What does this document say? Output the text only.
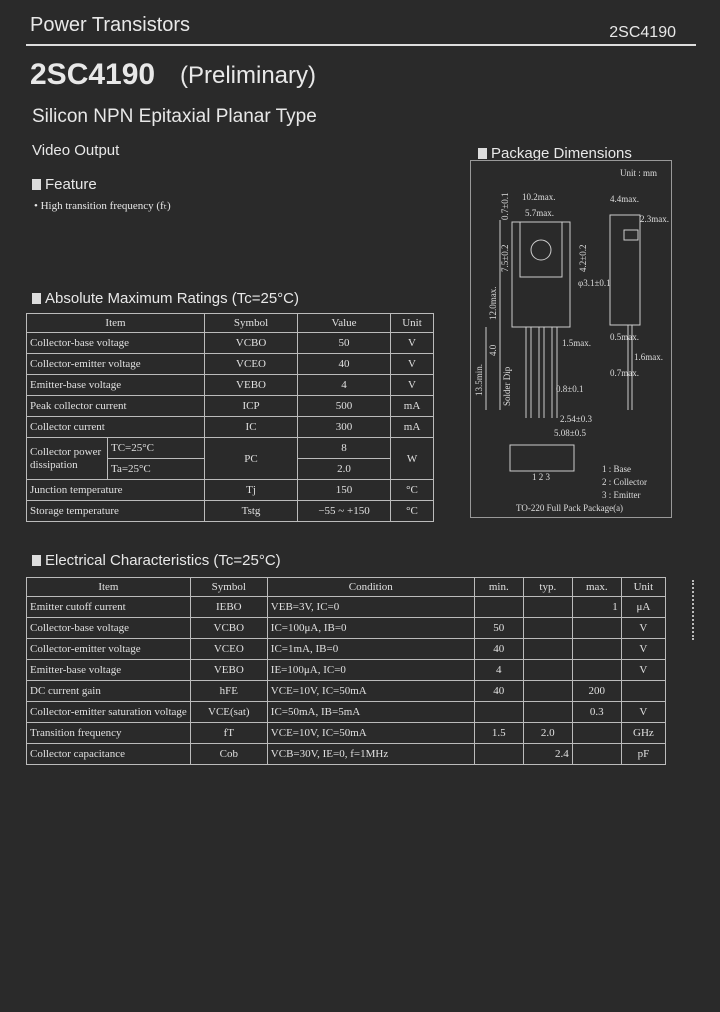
Power Transistors	2SC4190
2SC4190 (Preliminary)
Silicon NPN Epitaxial Planar Type
Video Output
Feature
• High transition frequency (fₜ)
Absolute Maximum Ratings (Tc=25°C)
Item		Symbol	Value	Unit
Collector-base voltage		VCBO	50	V
Collector-emitter voltage		VCEO	40	V
Emitter-base voltage		VEBO	4	V
Peak collector current		ICP	500	mA
Collector current		IC	300	mA
Collector power dissipation	TC=25°C	PC	8	W
	Ta=25°C		2.0	
Junction temperature		Tj	150	°C
Storage temperature		Tstg	−55 ~ +150	°C
Electrical Characteristics (Tc=25°C)
Item	Symbol	Condition	min.	typ.	max.	Unit
Emitter cutoff current	IEBO	VEB=3V, IC=0			1	μA
Collector-base voltage	VCBO	IC=100μA, IB=0	50			V
Collector-emitter voltage	VCEO	IC=1mA, IB=0	40			V
Emitter-base voltage	VEBO	IE=100μA, IC=0	4			V
DC current gain	hFE	VCE=10V, IC=50mA	40		200	
Collector-emitter saturation voltage	VCE(sat)	IC=50mA, IB=5mA			0.3	V
Transition frequency	fT	VCE=10V, IC=50mA	1.5	2.0		GHz
Collector capacitance	Cob	VCB=30V, IE=0, f=1MHz		2.4		pF
Package Dimensions
Unit : mm
10.2max.
5.7max.
4.4max.
2.3max.
φ3.1±0.1
0.5max.
1.5max.
0.7max.
1.6max.
0.8±0.1
2.54±0.3
5.08±0.5
1 2 3
1 : Base
2 : Collector
3 : Emitter
TO-220 Full Pack Package(a)
0.7±0.1
7.5±0.2	4.2±0.2
12.0max.
4.0
13.5min. Solder Dip
